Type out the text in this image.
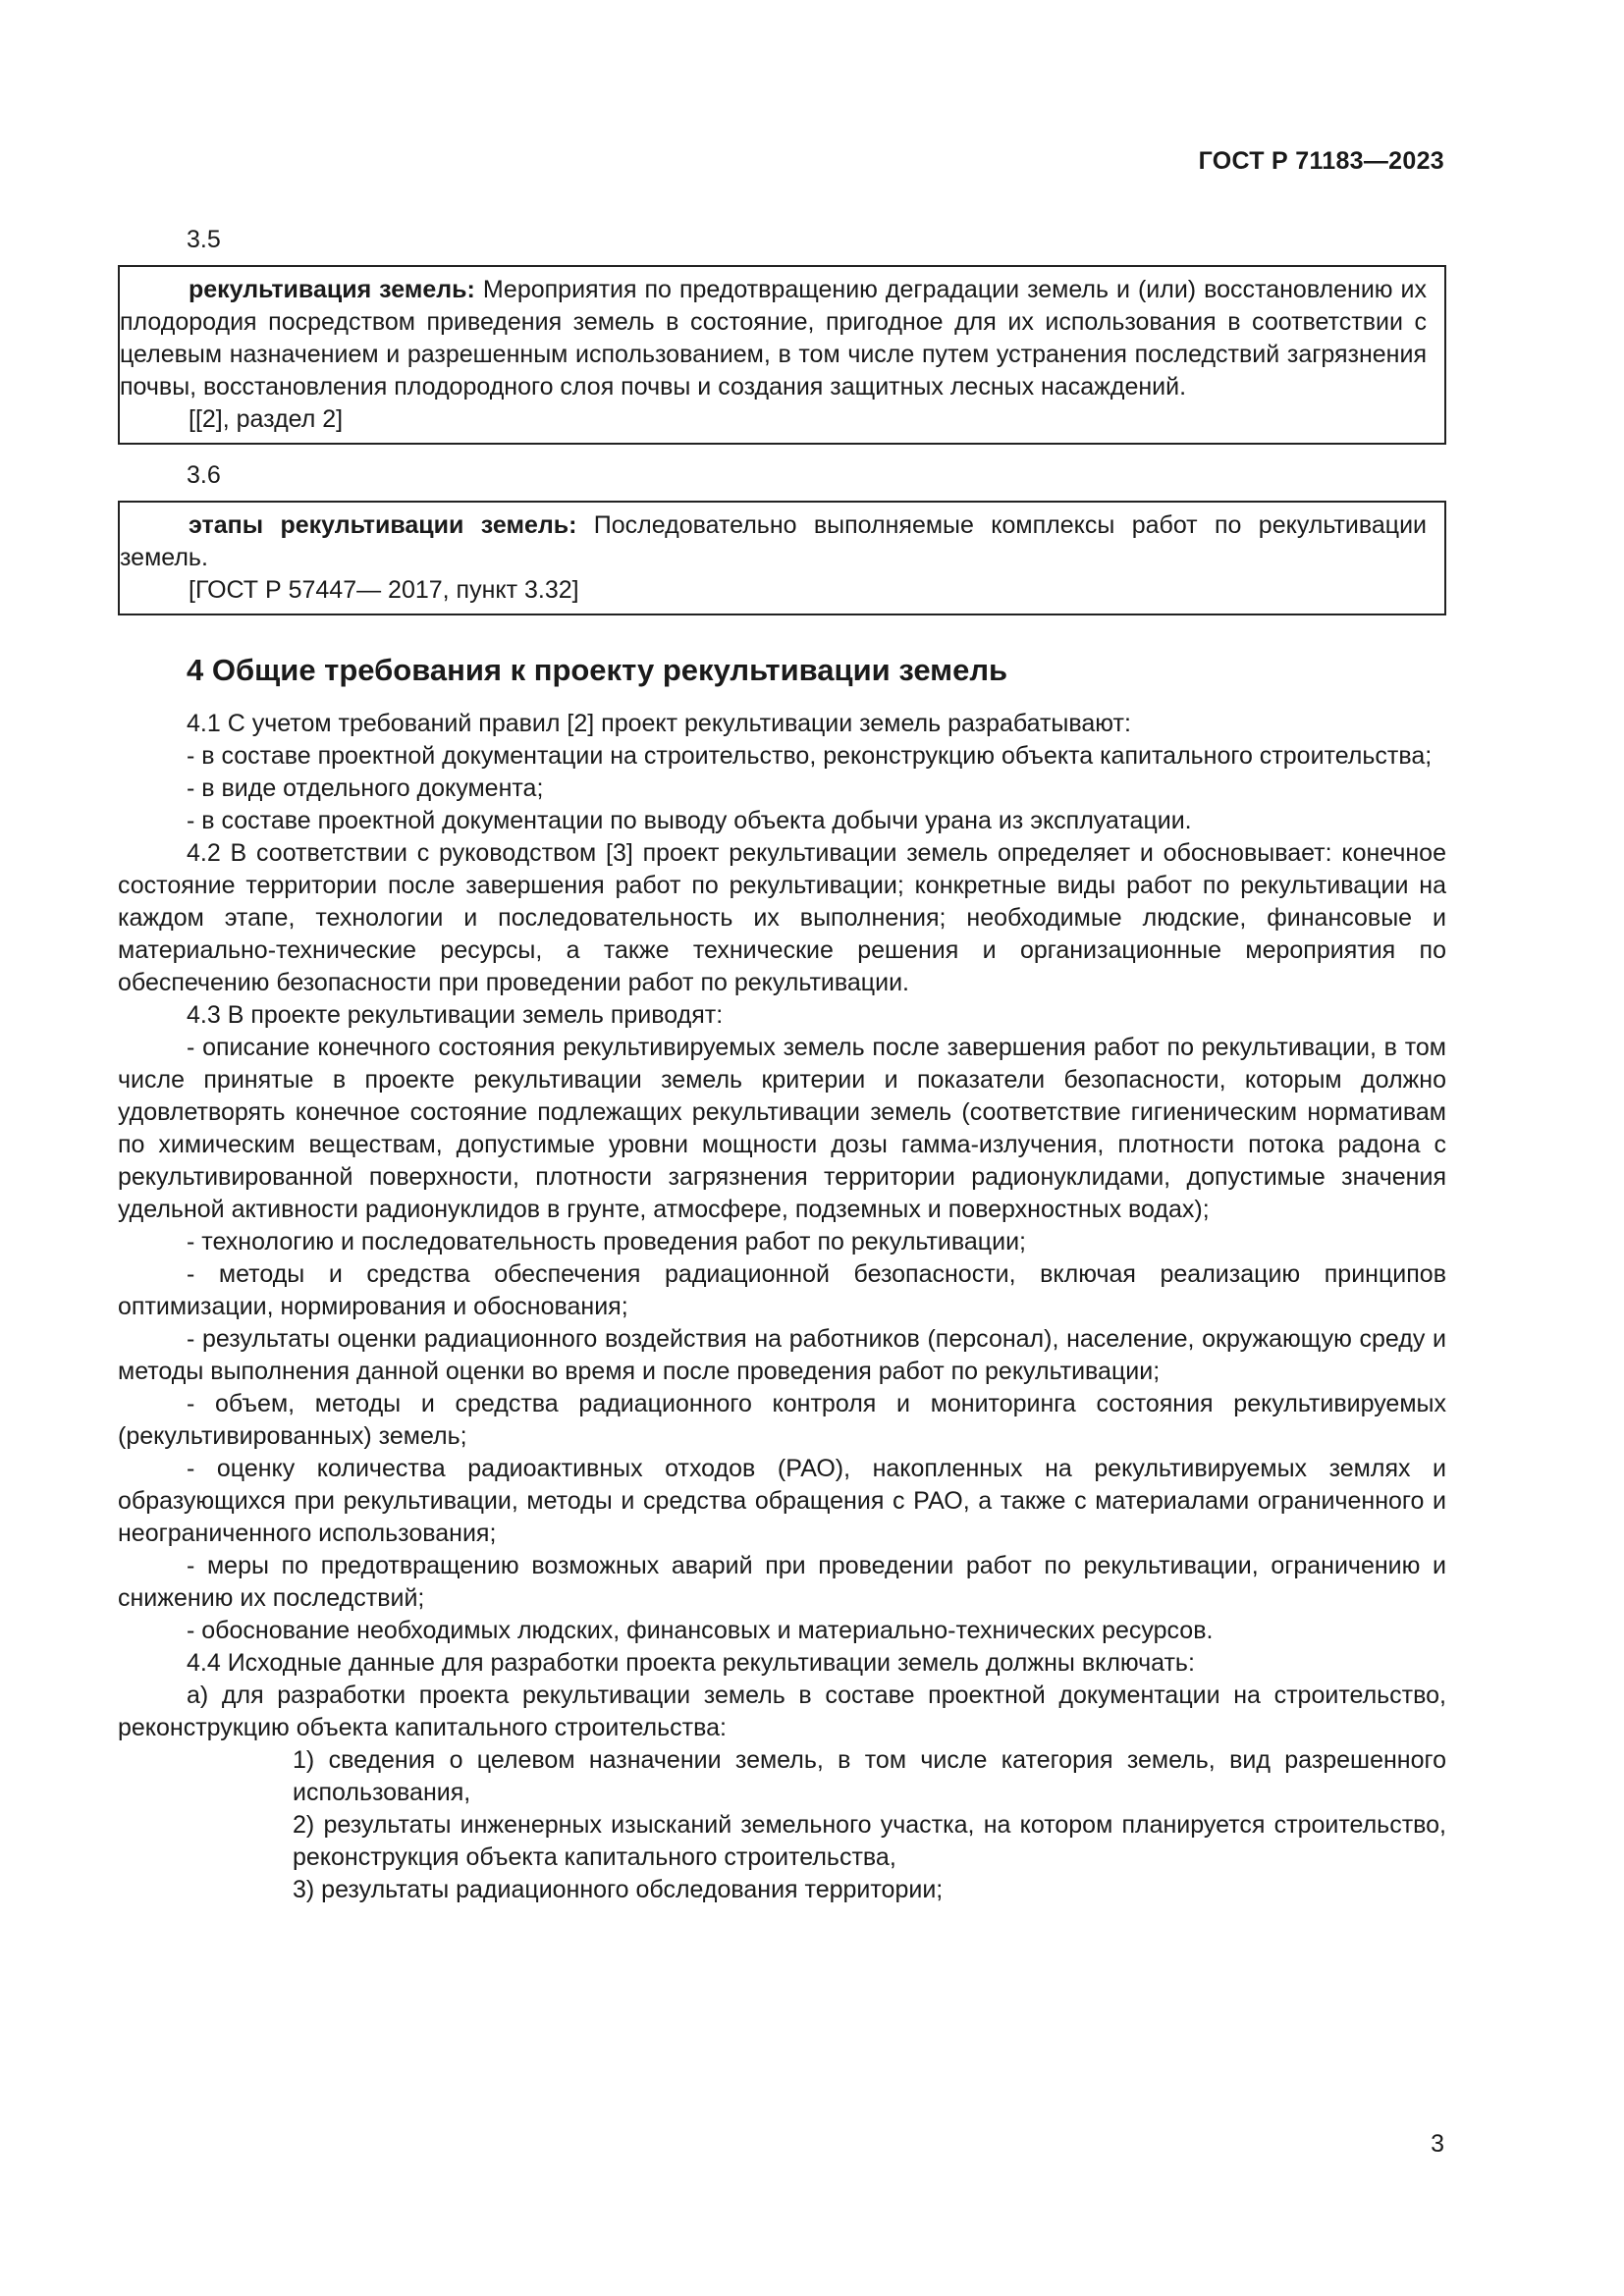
ГОСТ Р 71183—2023
3.5

рекультивация земель: Мероприятия по предотвращению деградации земель и (или) восстановлению их плодородия посредством приведения земель в состояние, пригодное для их использования в соответствии с целевым назначением и разрешенным использованием, в том числе путем устранения последствий загрязнения почвы, восстановления плодородного слоя почвы и создания защитных лесных насаждений.

[[2], раздел 2]

3.6

этапы рекультивации земель: Последовательно выполняемые комплексы работ по рекультивации земель.

[ГОСТ Р 57447— 2017, пункт 3.32]

4 Общие требования к проекту рекультивации земель

4.1 С учетом требований правил [2] проект рекультивации земель разрабатывают:

- в составе проектной документации на строительство, реконструкцию объекта капитального строительства;

- в виде отдельного документа;

- в составе проектной документации по выводу объекта добычи урана из эксплуатации.

4.2 В соответствии с руководством [3] проект рекультивации земель определяет и обосновывает: конечное состояние территории после завершения работ по рекультивации; конкретные виды работ по рекультивации на каждом этапе, технологии и последовательность их выполнения; необходимые людские, финансовые и материально-технические ресурсы, а также технические решения и организационные мероприятия по обеспечению безопасности при проведении работ по рекультивации.

4.3 В проекте рекультивации земель приводят:

- описание конечного состояния рекультивируемых земель после завершения работ по рекультивации, в том числе принятые в проекте рекультивации земель критерии и показатели безопасности, которым должно удовлетворять конечное состояние подлежащих рекультивации земель (соответствие гигиеническим нормативам по химическим веществам, допустимые уровни мощности дозы гамма-излучения, плотности потока радона с рекультивированной поверхности, плотности загрязнения территории радионуклидами, допустимые значения удельной активности радионуклидов в грунте, атмосфере, подземных и поверхностных водах);

- технологию и последовательность проведения работ по рекультивации;

- методы и средства обеспечения радиационной безопасности, включая реализацию принципов оптимизации, нормирования и обоснования;

- результаты оценки радиационного воздействия на работников (персонал), население, окружающую среду и методы выполнения данной оценки во время и после проведения работ по рекультивации;

- объем, методы и средства радиационного контроля и мониторинга состояния рекультивируемых (рекультивированных) земель;

- оценку количества радиоактивных отходов (РАО), накопленных на рекультивируемых землях и образующихся при рекультивации, методы и средства обращения с РАО, а также с материалами ограниченного и неограниченного использования;

- меры по предотвращению возможных аварий при проведении работ по рекультивации, ограничению и снижению их последствий;

- обоснование необходимых людских, финансовых и материально-технических ресурсов.

4.4 Исходные данные для разработки проекта рекультивации земель должны включать:

а) для разработки проекта рекультивации земель в составе проектной документации на строительство, реконструкцию объекта капитального строительства:

1) сведения о целевом назначении земель, в том числе категория земель, вид разрешенного использования,

2) результаты инженерных изысканий земельного участка, на котором планируется строительство, реконструкция объекта капитального строительства,

3) результаты радиационного обследования территории;

3
